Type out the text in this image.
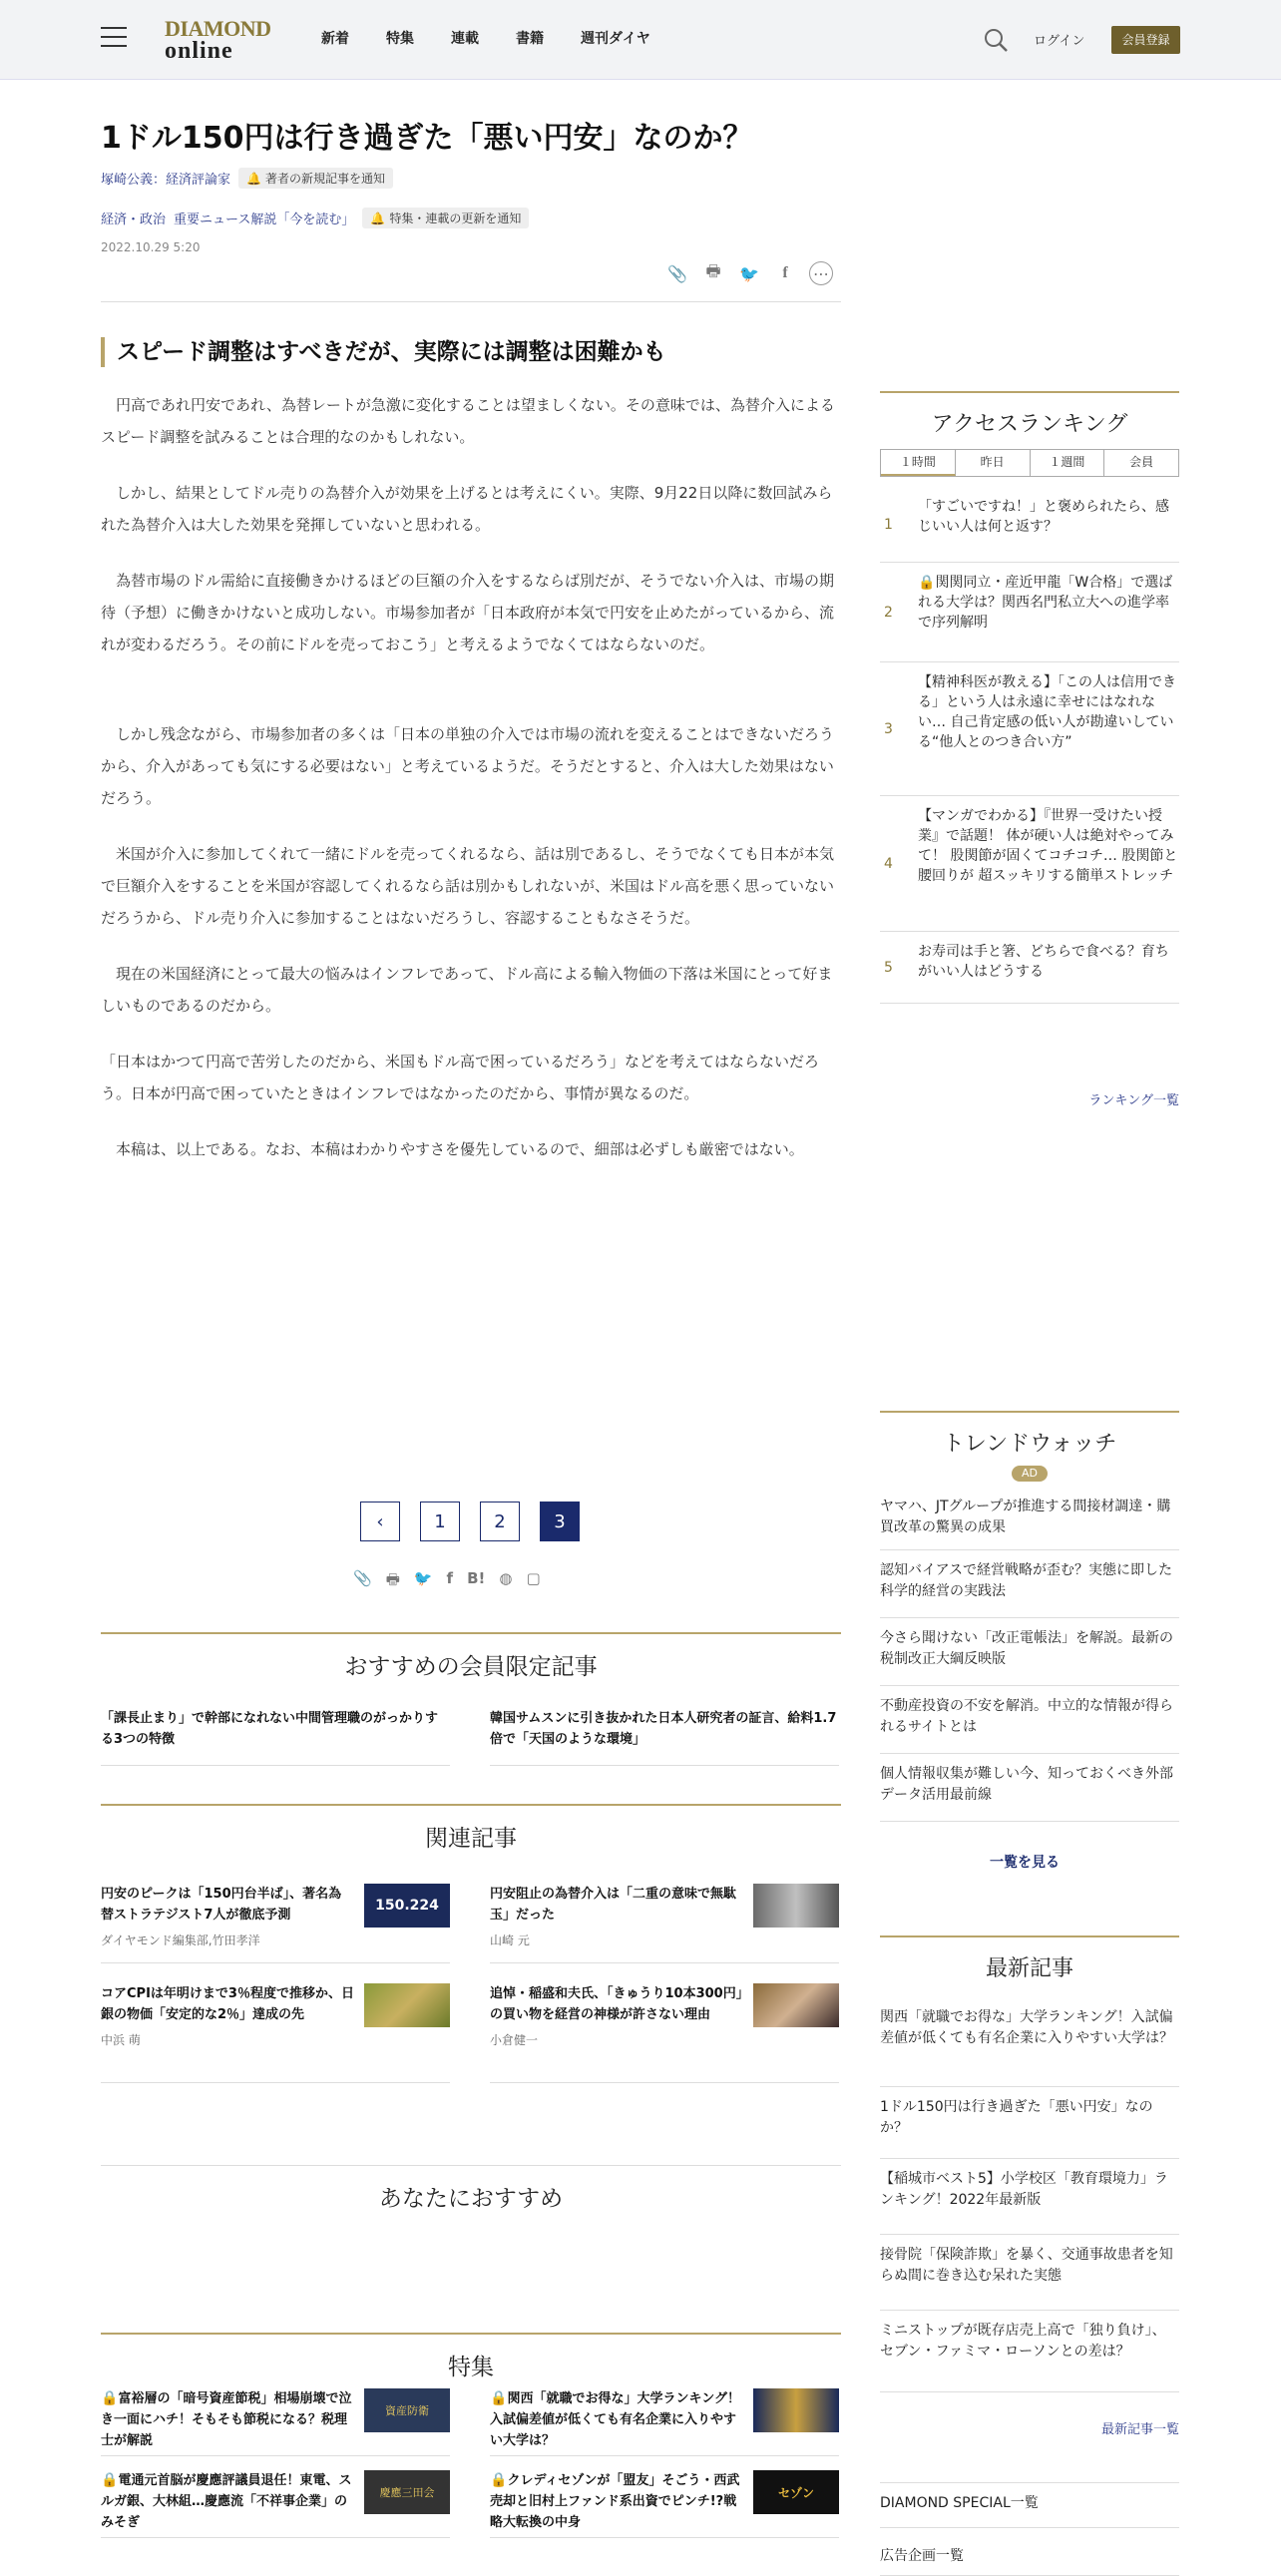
DIAMOND
online	新着	特集	連載	書籍	週刊ダイヤ	ログイン	会員登録
1ドル150円は行き過ぎた「悪い円安」なのか？
塚崎公義：経済評論家 🔔 著者の新規記事を通知
経済・政治 重要ニュース解説「今を読む」 🔔 特集・連載の更新を通知
2022.10.29 5:20
📎 🖶 🐦	f	⋯
スピード調整はすべきだが、実際には調整は困難かも

　円高であれ円安であれ、為替レートが急激に変化することは望ましくない。その意味では、為替介入によるスピード調整を試みることは合理的なのかもしれない。

　しかし、結果としてドル売りの為替介入が効果を上げるとは考えにくい。実際、9月22日以降に数回試みられた為替介入は大した効果を発揮していないと思われる。

　為替市場のドル需給に直接働きかけるほどの巨額の介入をするならば別だが、そうでない介入は、市場の期待（予想）に働きかけないと成功しない。市場参加者が「日本政府が本気で円安を止めたがっているから、流れが変わるだろう。その前にドルを売っておこう」と考えるようでなくてはならないのだ。

　しかし残念ながら、市場参加者の多くは「日本の単独の介入では市場の流れを変えることはできないだろうから、介入があっても気にする必要はない」と考えているようだ。そうだとすると、介入は大した効果はないだろう。

　米国が介入に参加してくれて一緒にドルを売ってくれるなら、話は別であるし、そうでなくても日本が本気で巨額介入をすることを米国が容認してくれるなら話は別かもしれないが、米国はドル高を悪く思っていないだろうから、ドル売り介入に参加することはないだろうし、容認することもなさそうだ。

　現在の米国経済にとって最大の悩みはインフレであって、ドル高による輸入物価の下落は米国にとって好ましいものであるのだから。

「日本はかつて円高で苦労したのだから、米国もドル高で困っているだろう」などを考えてはならないだろう。日本が円高で困っていたときはインフレではなかったのだから、事情が異なるのだ。

　本稿は、以上である。なお、本稿はわかりやすさを優先しているので、細部は必ずしも厳密ではない。

‹	1	2	3
📎 🖶 🐦 f B! ◍ ▢
おすすめの会員限定記事
「課長止まり」で幹部になれない中間管理職のがっかりする3つの特徴
韓国サムスンに引き抜かれた日本人研究者の証言、給料1.7倍で「天国のような環境」
関連記事
円安のピークは「150円台半ば」、著名為替ストラテジスト7人が徹底予測
ダイヤモンド編集部,竹田孝洋
150.224
円安阻止の為替介入は「二重の意味で無駄玉」だった
山崎 元
コアCPIは年明けまで3％程度で推移か、日銀の物価「安定的な2％」達成の先
中浜 萌
追悼・稲盛和夫氏、「きゅうり10本300円」の買い物を経営の神様が許さない理由
小倉健一
あなたにおすすめ
特集
🔒富裕層の「暗号資産節税」相場崩壊で泣き一面にハチ！そもそも節税になる？税理士が解説
資産防衛
🔒関西「就職でお得な」大学ランキング！入試偏差値が低くても有名企業に入りやすい大学は？
🔒電通元首脳が慶應評議員退任！東電、スルガ銀、大林組…慶應流「不祥事企業」のみそぎ
慶應三田会
🔒クレディセゾンが「盟友」そごう・西武売却と旧村上ファンド系出資でピンチ!?戦略大転換の中身
セゾン
アクセスランキング
１時間	昨日	１週間	会員
1
「すごいですね！」と褒められたら、感じいい人は何と返す？
2
🔒関関同立・産近甲龍「W合格」で選ばれる大学は？関西名門私立大への進学率で序列解明
3
【精神科医が教える】「この人は信用できる」という人は永遠に幸せにはなれない… 自己肯定感の低い人が勘違いしている“他人とのつき合い方”
4
【マンガでわかる】『世界一受けたい授業』で話題！ 体が硬い人は絶対やってみて！ 股関節が固くてコチコチ… 股関節と腰回りが 超スッキリする簡単ストレッチ
5
お寿司は手と箸、どちらで食べる？育ちがいい人はどうする
ランキング一覧
トレンドウォッチ
AD
ヤマハ、JTグループが推進する間接材調達・購買改革の驚異の成果
認知バイアスで経営戦略が歪む？実態に即した科学的経営の実践法
今さら聞けない「改正電帳法」を解説。最新の税制改正大綱反映版
不動産投資の不安を解消。中立的な情報が得られるサイトとは
個人情報収集が難しい今、知っておくべき外部データ活用最前線
一覧を見る
最新記事
関西「就職でお得な」大学ランキング！入試偏差値が低くても有名企業に入りやすい大学は？
1ドル150円は行き過ぎた「悪い円安」なのか？
【稲城市ベスト5】小学校区「教育環境力」ランキング！2022年最新版
接骨院「保険詐欺」を暴く、交通事故患者を知らぬ間に巻き込む呆れた実態
ミニストップが既存店売上高で「独り負け」、セブン・ファミマ・ローソンとの差は？
最新記事一覧
DIAMOND SPECIAL一覧
広告企画一覧
